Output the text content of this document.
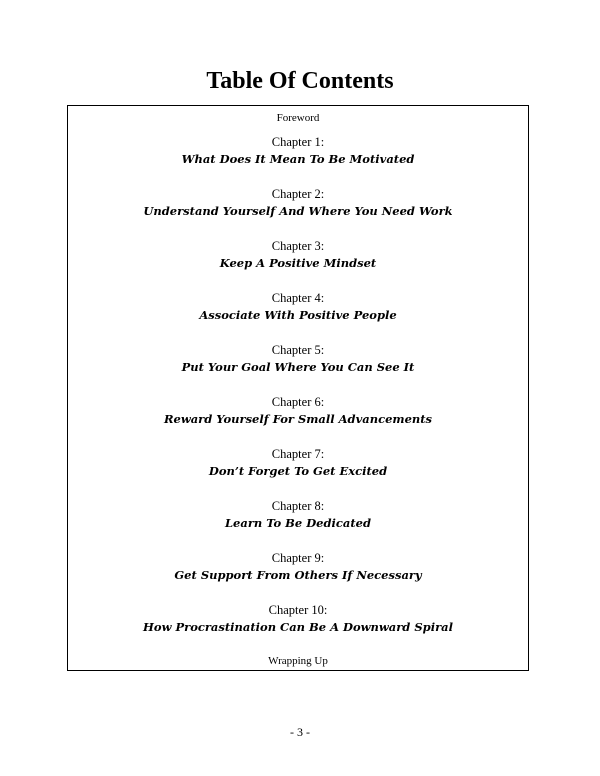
Table Of Contents
Foreword
Chapter 1:
What Does It Mean To Be Motivated
Chapter 2:
Understand Yourself And Where You Need Work
Chapter 3:
Keep A Positive Mindset
Chapter 4:
Associate With Positive People
Chapter 5:
Put Your Goal Where You Can See It
Chapter 6:
Reward Yourself For Small Advancements
Chapter 7:
Don’t Forget To Get Excited
Chapter 8:
Learn To Be Dedicated
Chapter 9:
Get Support From Others If Necessary
Chapter 10:
How Procrastination Can Be A Downward Spiral
Wrapping Up
- 3 -
